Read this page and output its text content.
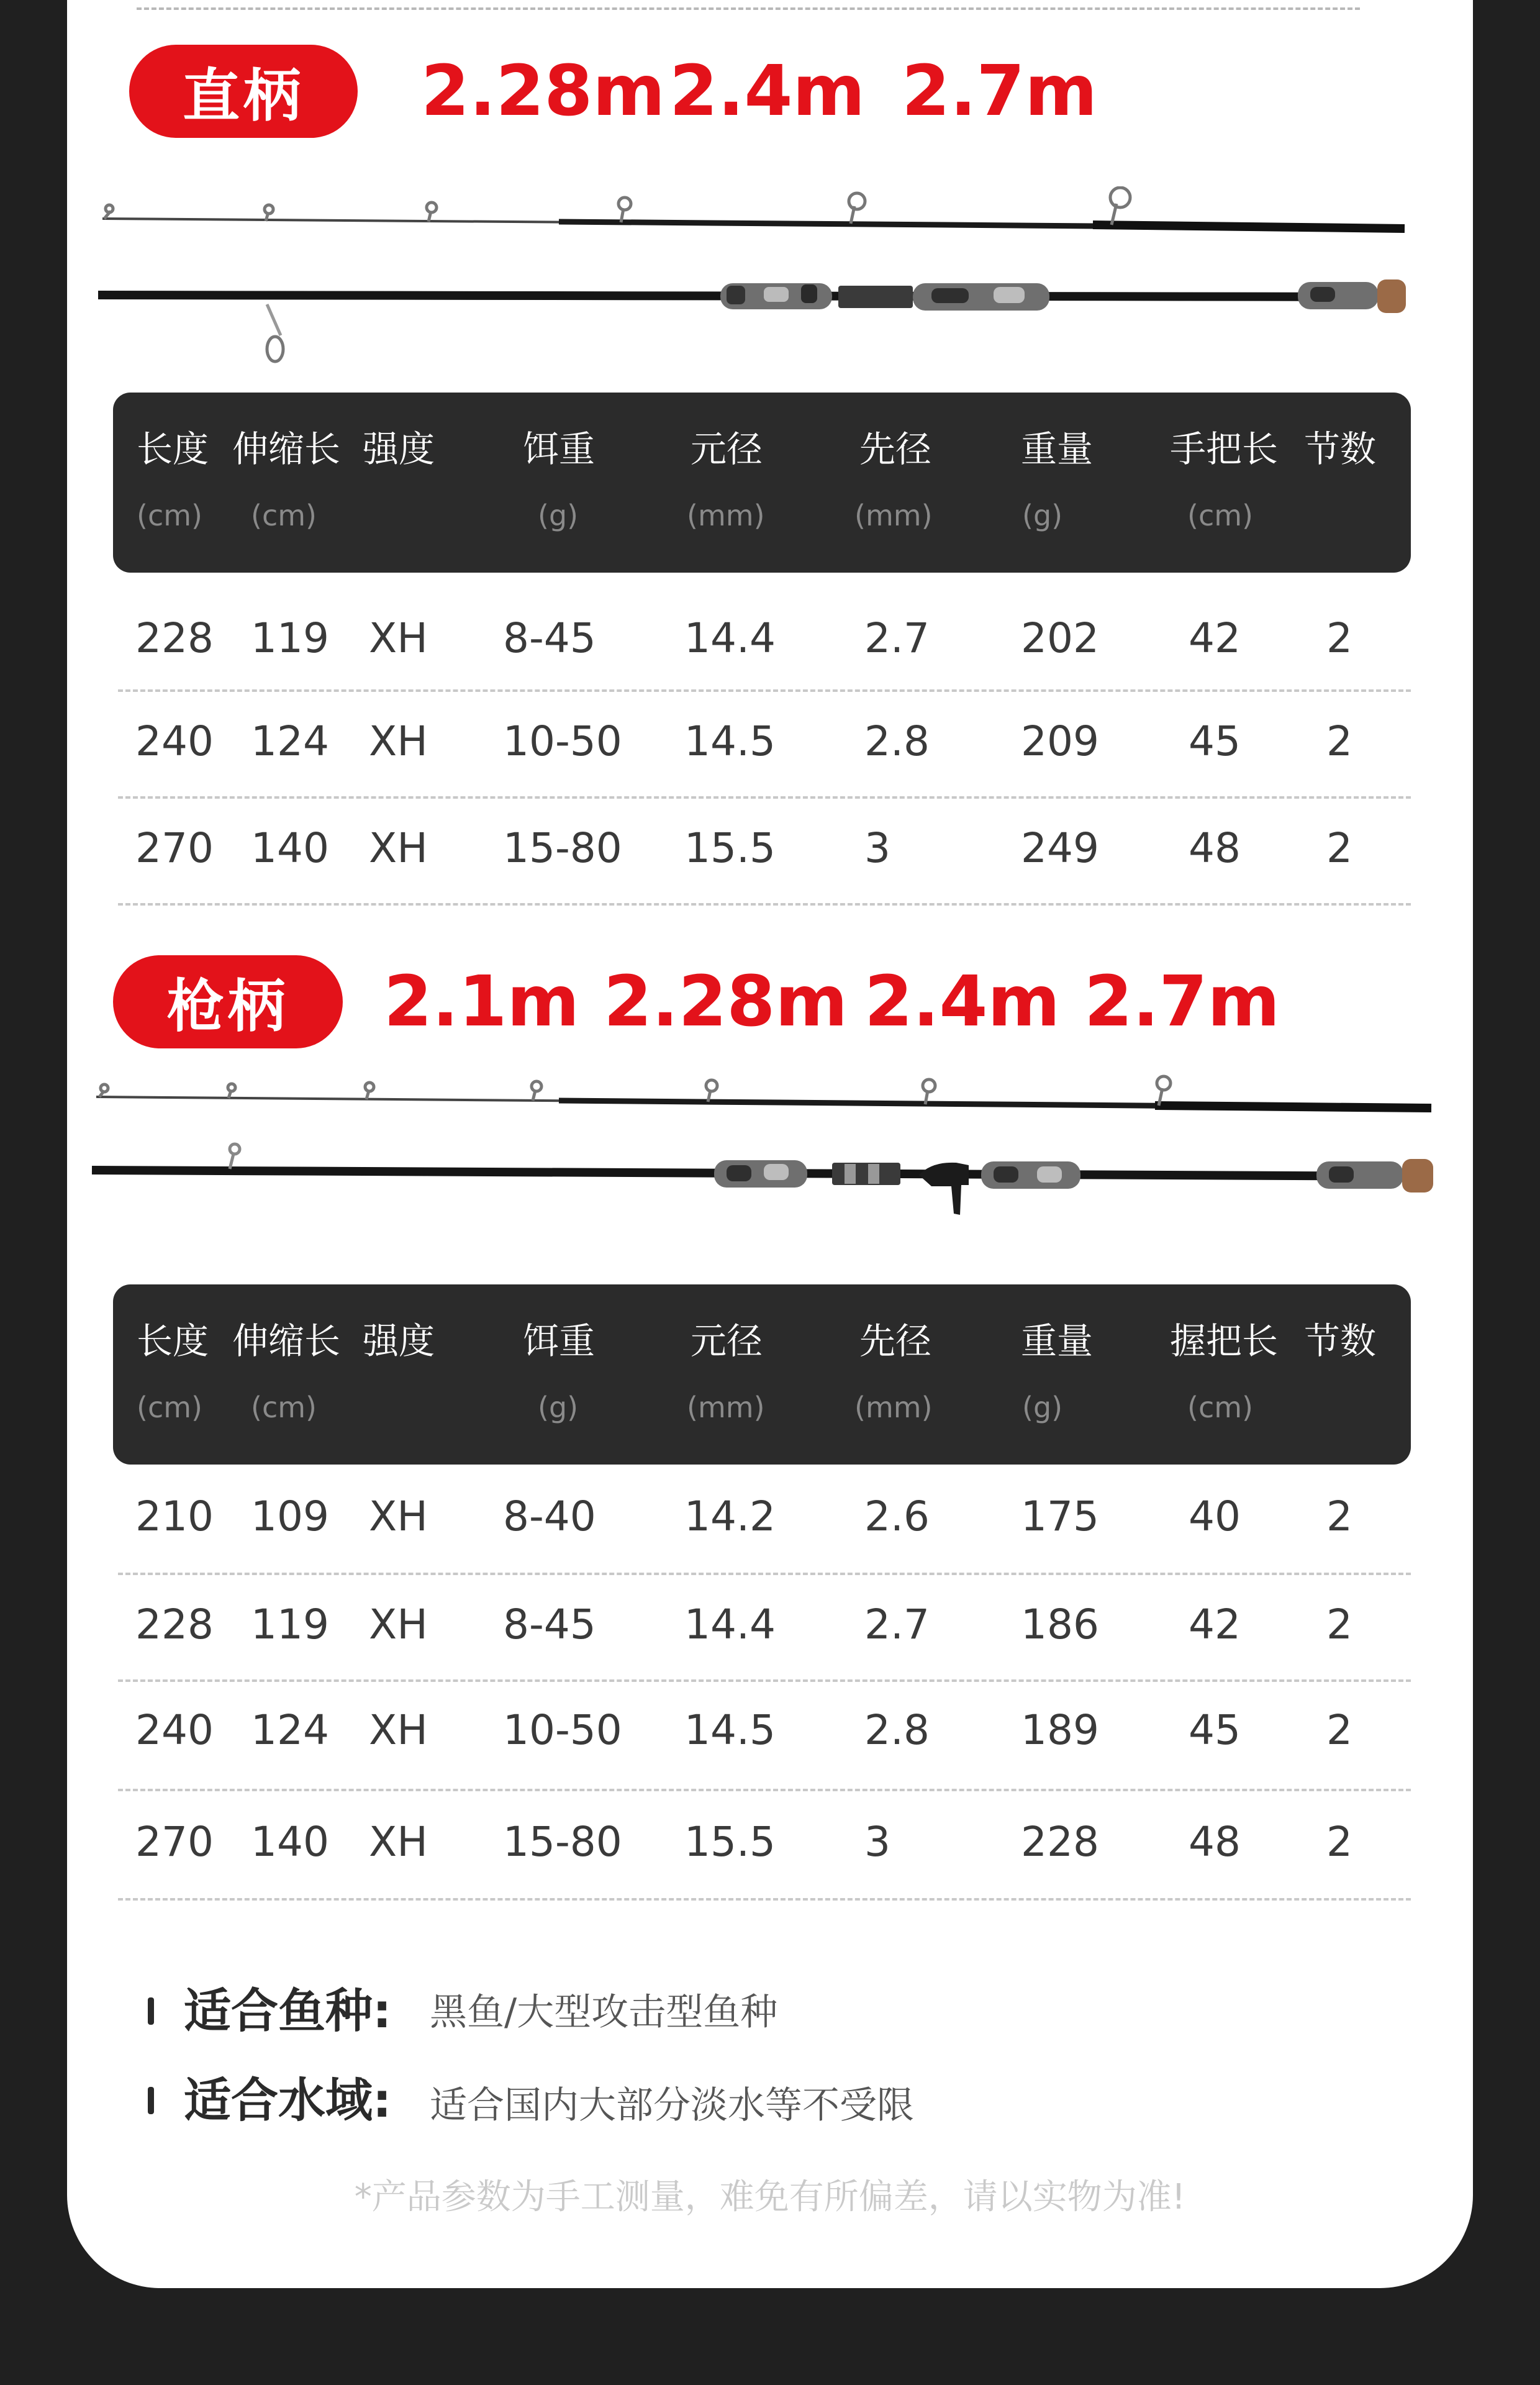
直柄	2.28m 2.4m 2.7m
长度 伸缩长 强度 饵重	元径	先径 重量 手把长 节数
(cm) (cm)	(g)	(mm)	(mm)	(g)	(cm)
228 119 XH 8-45 14.4 2.7 202 42 2
240 124 XH 10-50 14.5 2.8 209 45 2
270 140 XH 15-80 15.5 3	249 48 2
枪柄	2.1m 2.28m 2.4m 2.7m
长度 伸缩长 强度 饵重	元径	先径 重量 握把长 节数
(cm) (cm)	(g)	(mm)	(mm)	(g)	(cm)
210 109 XH 8-40 14.2 2.6 175 40 2
228 119 XH 8-45 14.4 2.7 186 42 2
240 124 XH 10-50 14.5 2.8 189 45 2
270 140 XH 15-80 15.5 3	228 48 2
适合鱼种: 黑鱼/大型攻击型鱼种
适合水域: 适合国内大部分淡水等不受限
*产品参数为手工测量，难免有所偏差，请以实物为准!
